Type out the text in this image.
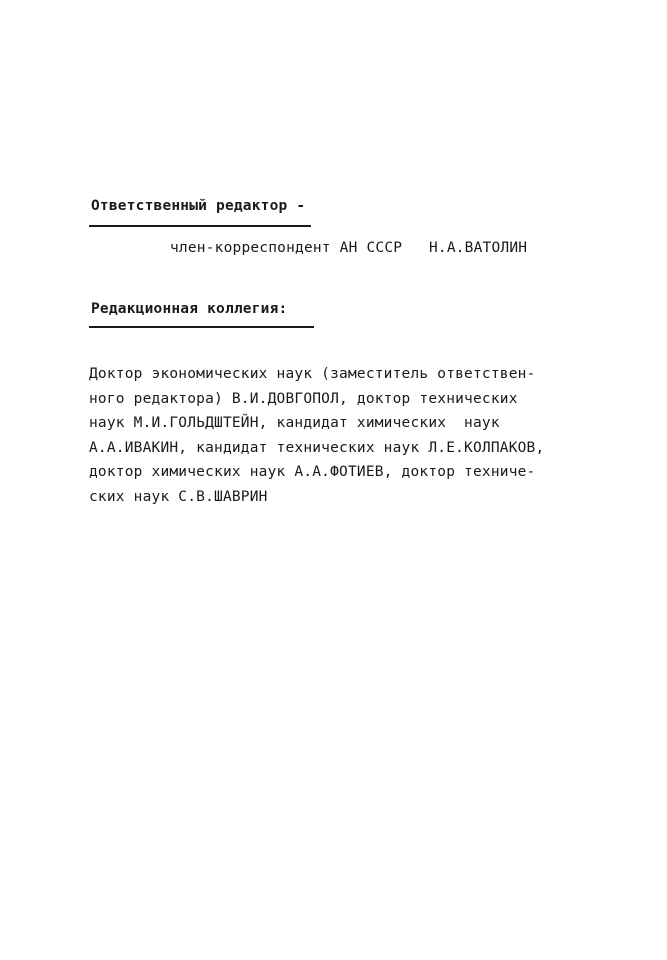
Ответственный редактор -
член-корреспондент АН СССР   Н.А.ВАТОЛИН
Редакционная коллегия:
Доктор экономических наук (заместитель ответствен-
ного редактора) В.И.ДОВГОПОЛ, доктор технических
наук М.И.ГОЛЬДШТЕЙН, кандидат химических  наук
А.А.ИВАКИН, кандидат технических наук Л.Е.КОЛПАКОВ,
доктор химических наук А.А.ФОТИЕВ, доктор техниче-
ских наук С.В.ШАВРИН
